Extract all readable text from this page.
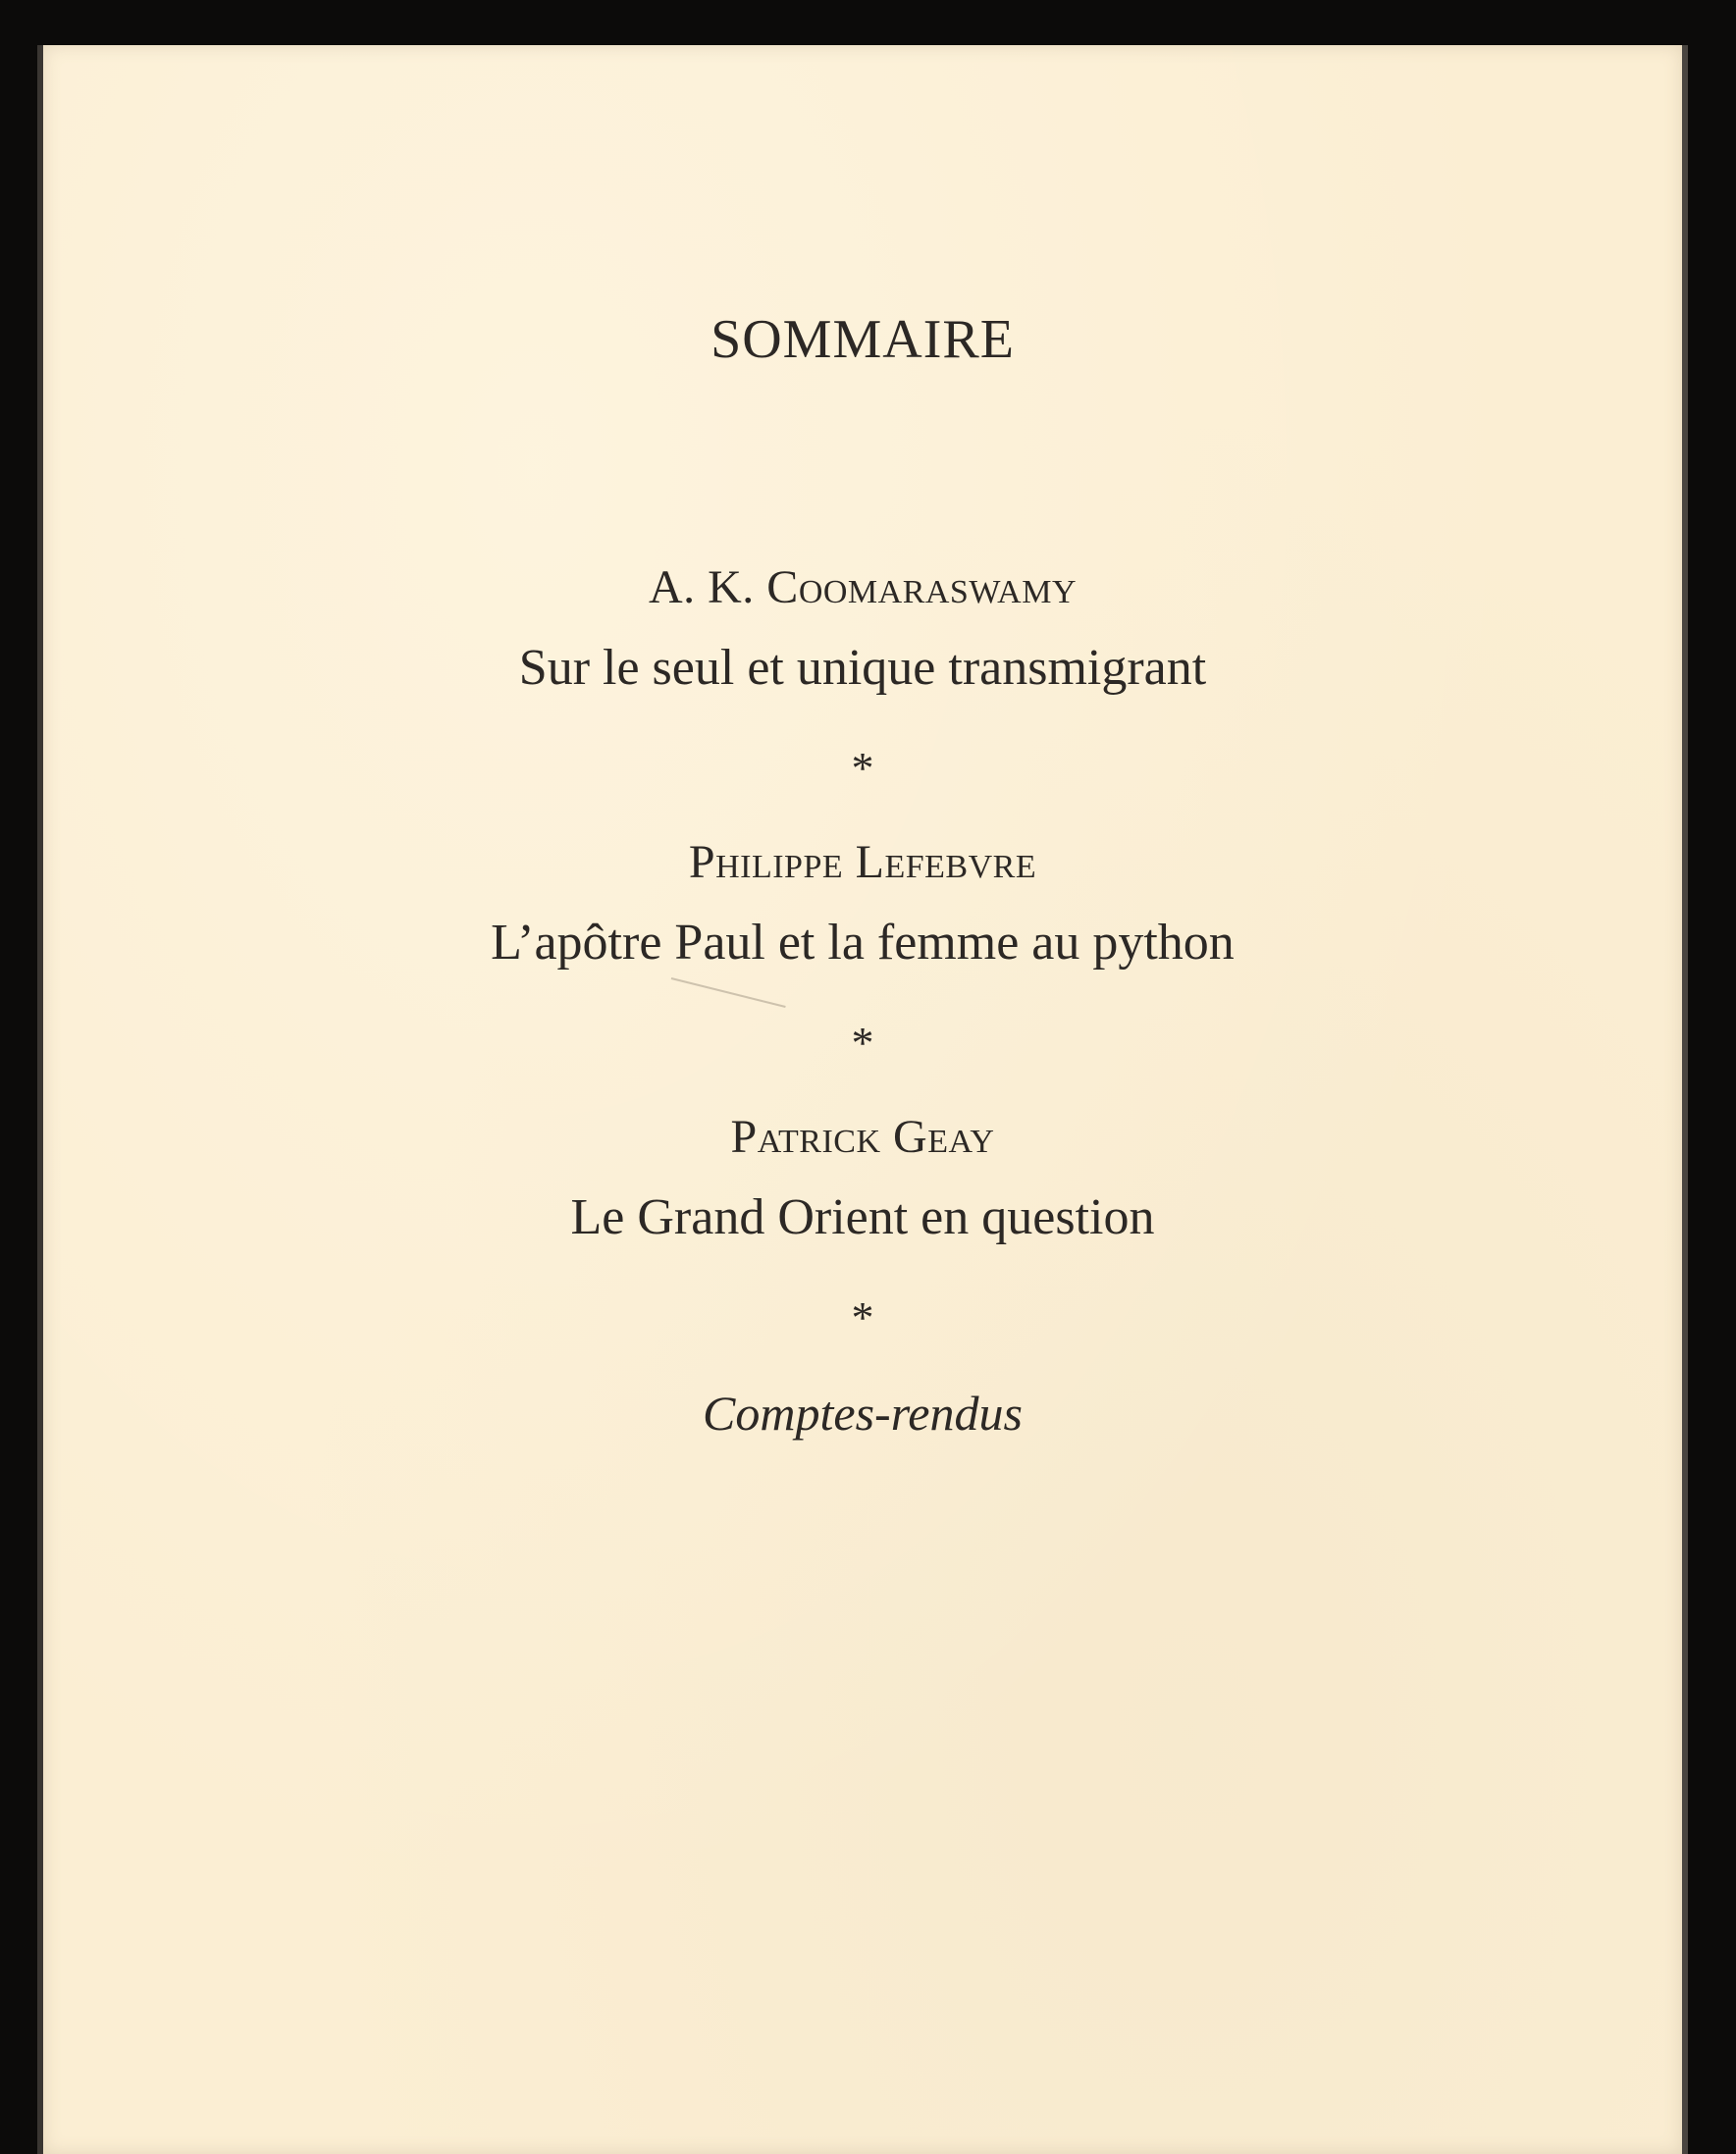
SOMMAIRE
A. K. Coomaraswamy
Sur le seul et unique transmigrant
*
Philippe Lefebvre
L’apôtre Paul et la femme au python
*
Patrick Geay
Le Grand Orient en question
*
Comptes-rendus
